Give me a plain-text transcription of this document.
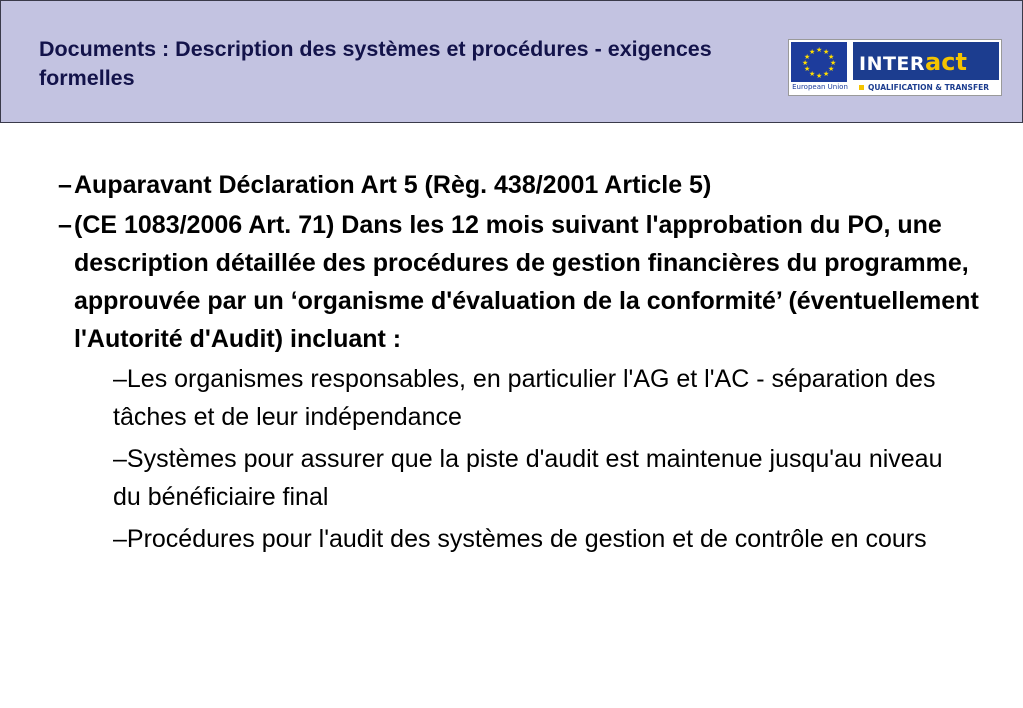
Documents : Description des systèmes et procédures - exigences formelles
★ ★
★
★
★
★
★
★
★
★
★
★
European Union
INTERact
QUALIFICATION & TRANSFER
– Auparavant Déclaration Art 5 (Règ. 438/2001 Article 5)
– (CE 1083/2006 Art. 71) Dans les 12 mois suivant l'approbation du PO, une description détaillée des procédures de gestion financières du programme, approuvée par un ‘organisme d'évaluation de la conformité’ (éventuellement l'Autorité d'Audit) incluant :
–Les organismes responsables, en particulier l'AG et l'AC - séparation des tâches et de leur indépendance
–Systèmes pour assurer que la piste d'audit est maintenue jusqu'au niveau du bénéficiaire final
–Procédures pour l'audit des systèmes de gestion et de contrôle en cours
